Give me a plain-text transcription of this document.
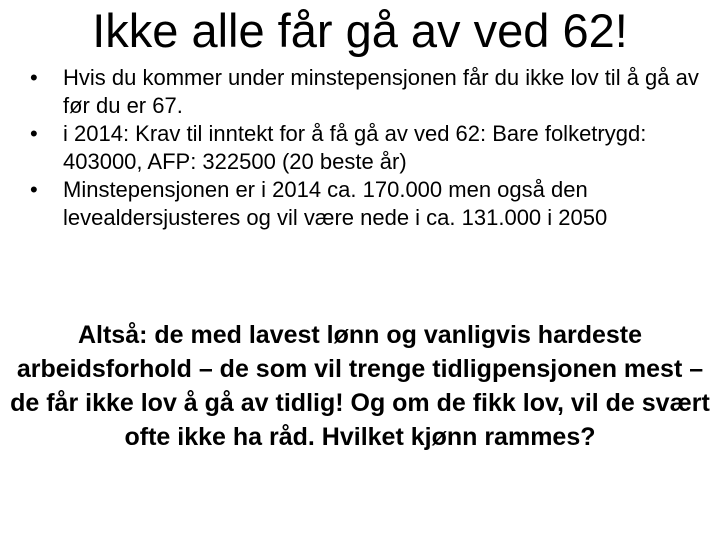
Ikke alle får gå av ved 62!
• Hvis du kommer under minstepensjonen får du ikke lov til å gå av før du er 67.
• i 2014: Krav til inntekt for å få gå av ved 62: Bare folketrygd: 403000, AFP: 322500 (20 beste år)
• Minstepensjonen er i 2014 ca. 170.000 men også den levealdersjusteres og vil være nede i ca. 131.000 i 2050

Altså: de med lavest lønn og vanligvis hardeste arbeidsforhold – de som vil trenge tidligpensjonen mest – de får ikke lov å gå av tidlig! Og om de fikk lov, vil de svært ofte ikke ha råd. Hvilket kjønn rammes?
